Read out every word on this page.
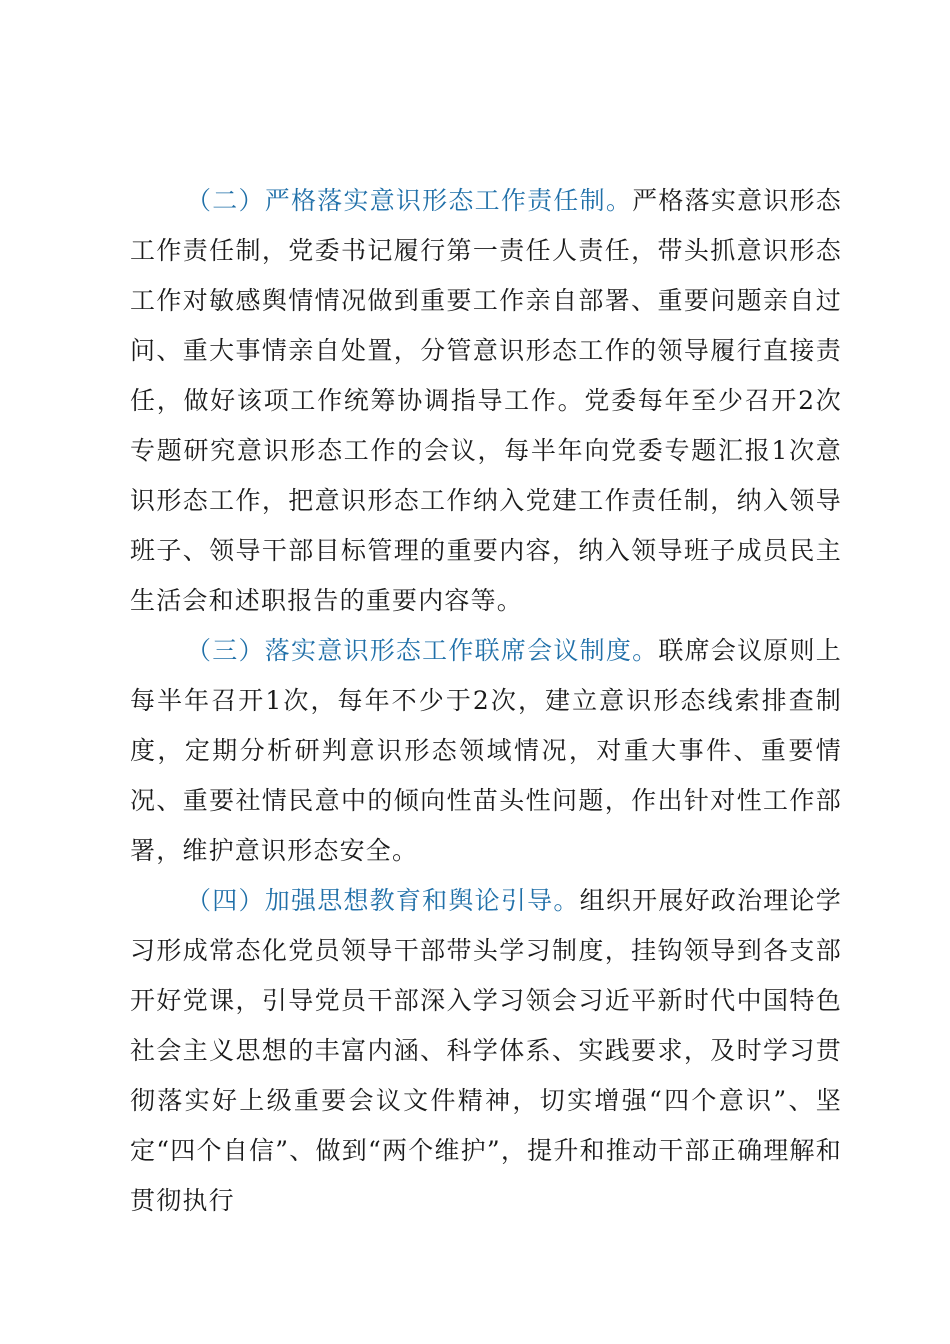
（二）严格落实意识形态工作责任制。严格落实意识形态工作责任制，党委书记履行第一责任人责任，带头抓意识形态工作对敏感舆情情况做到重要工作亲自部署、重要问题亲自过问、重大事情亲自处置，分管意识形态工作的领导履行直接责任，做好该项工作统筹协调指导工作。党委每年至少召开2次专题研究意识形态工作的会议，每半年向党委专题汇报1次意识形态工作，把意识形态工作纳入党建工作责任制，纳入领导班子、领导干部目标管理的重要内容，纳入领导班子成员民主生活会和述职报告的重要内容等。

（三）落实意识形态工作联席会议制度。联席会议原则上每半年召开1次，每年不少于2次，建立意识形态线索排查制度，定期分析研判意识形态领域情况，对重大事件、重要情况、重要社情民意中的倾向性苗头性问题，作出针对性工作部署，维护意识形态安全。

（四）加强思想教育和舆论引导。组织开展好政治理论学习形成常态化党员领导干部带头学习制度，挂钩领导到各支部开好党课，引导党员干部深入学习领会习近平新时代中国特色社会主义思想的丰富内涵、科学体系、实践要求，及时学习贯彻落实好上级重要会议文件精神，切实增强“四个意识”、坚定“四个自信”、做到“两个维护”，提升和推动干部正确理解和贯彻执行
